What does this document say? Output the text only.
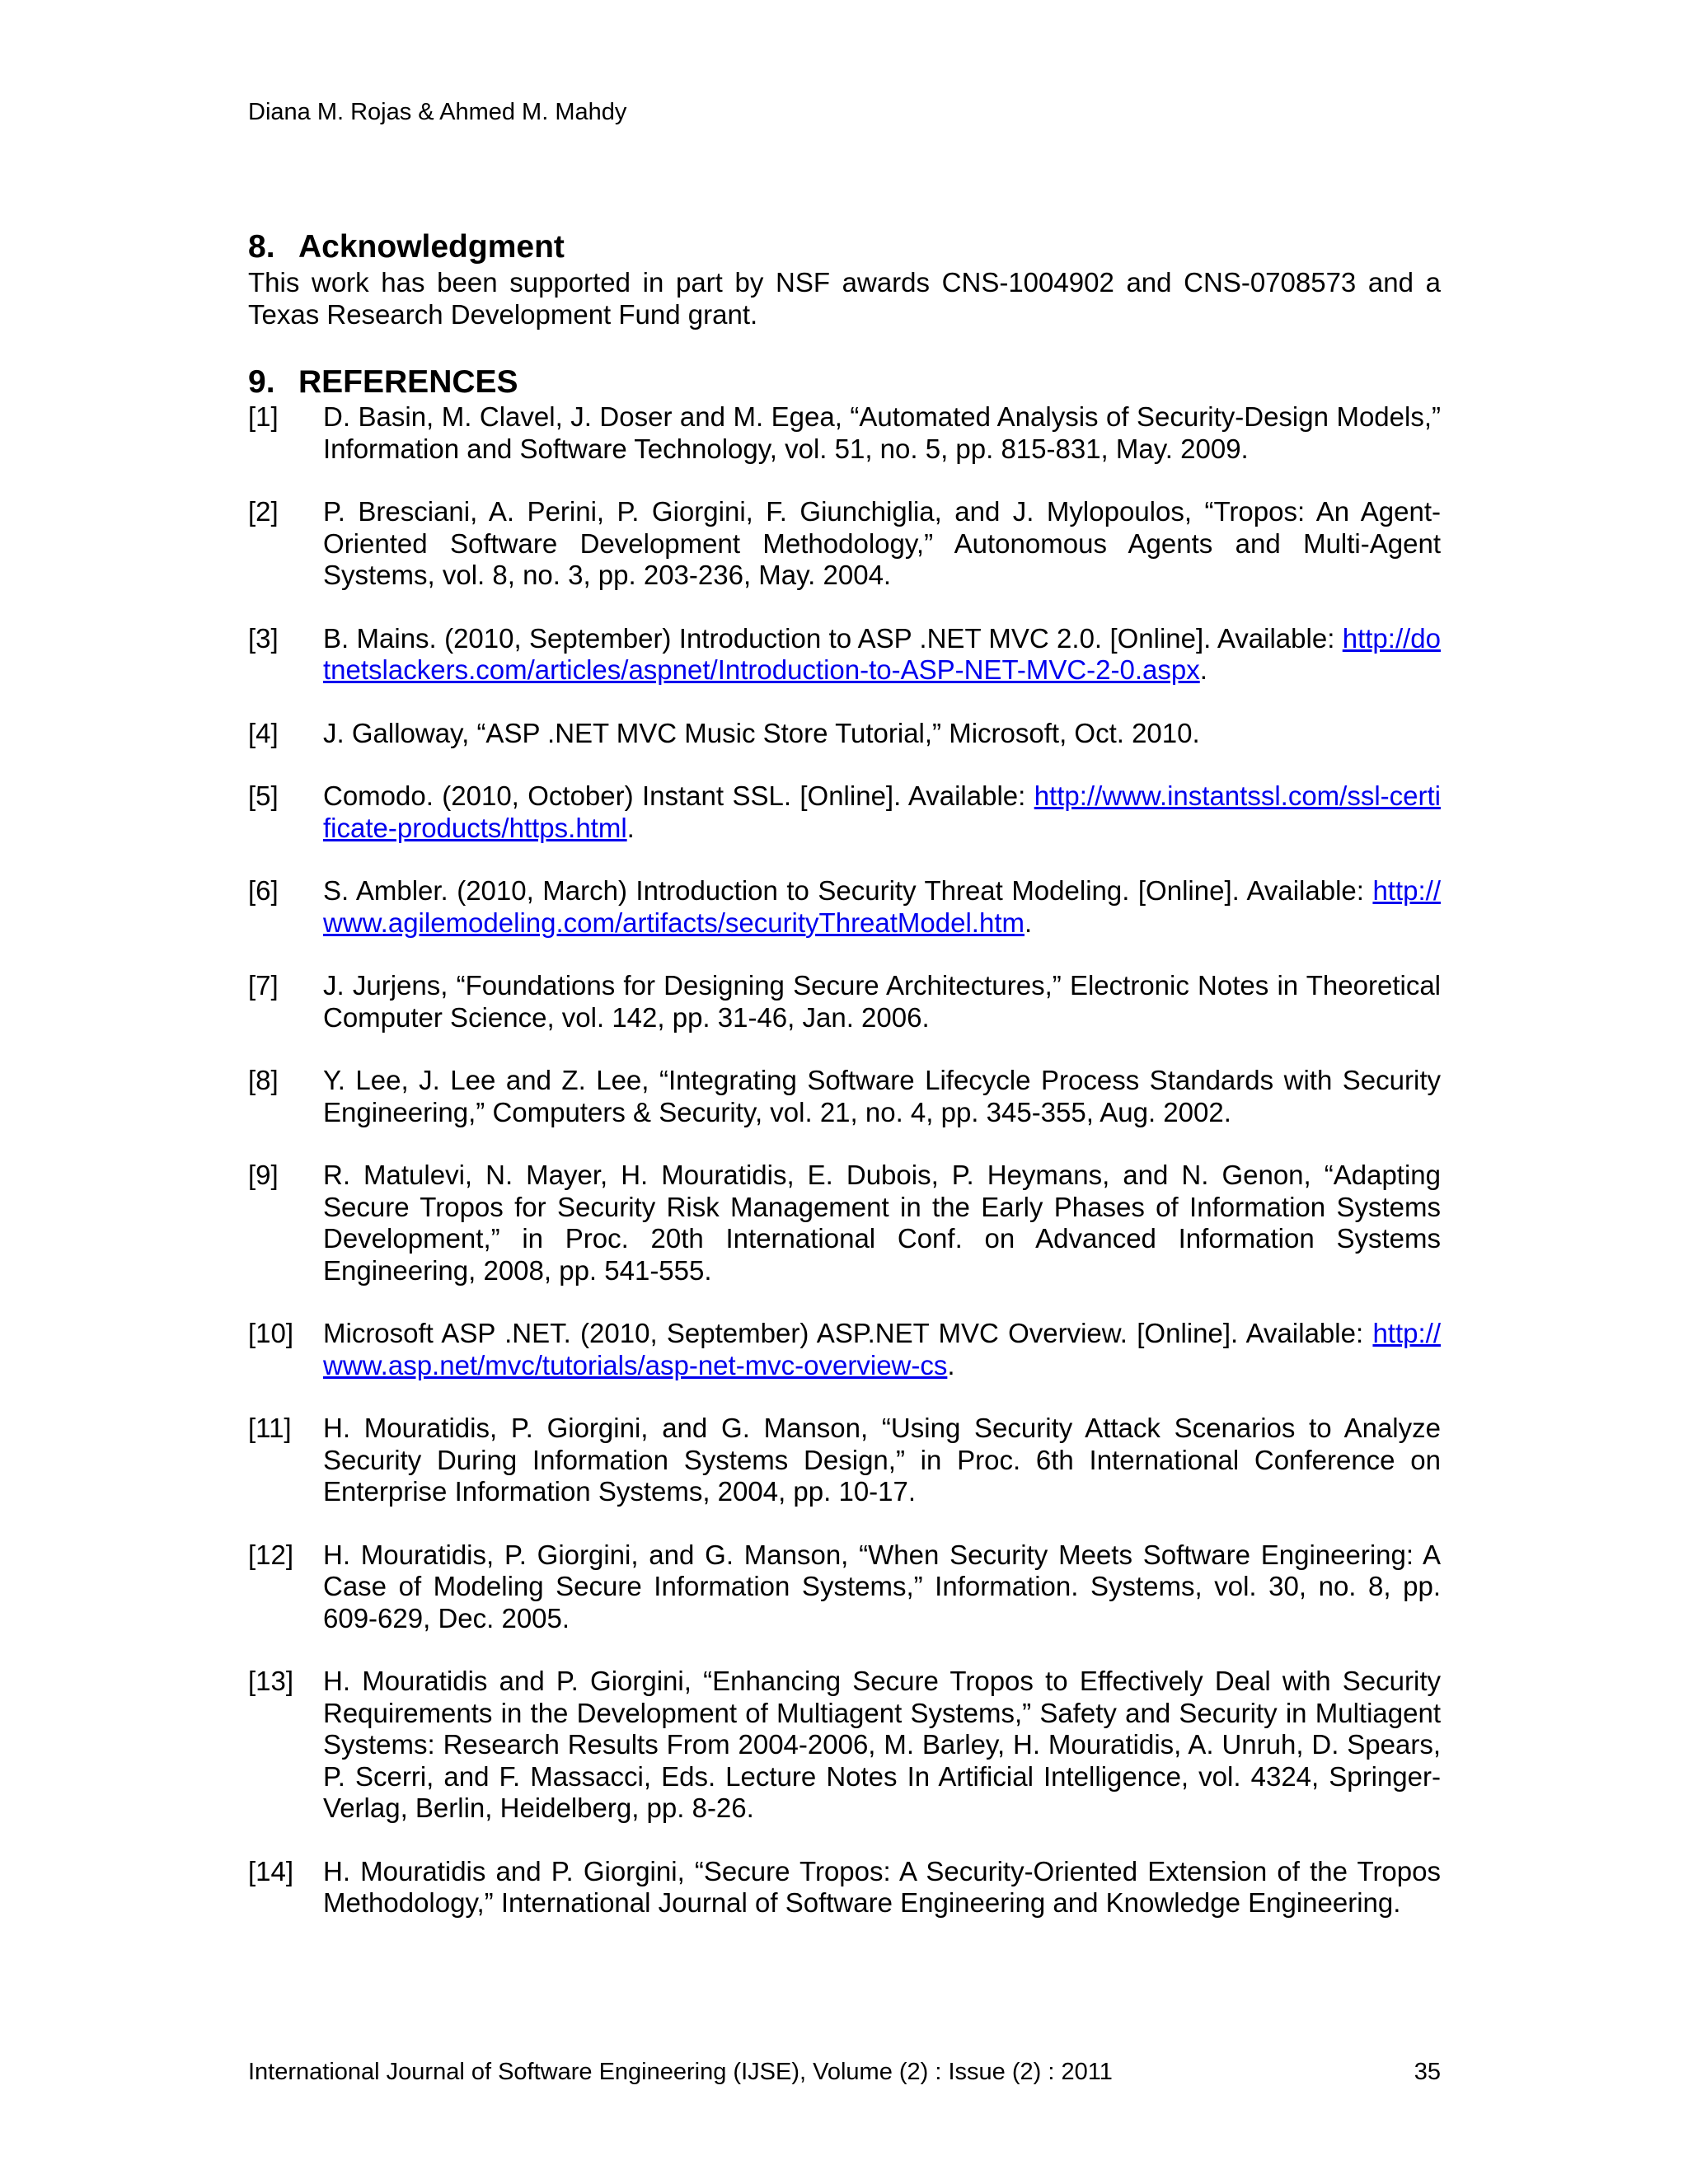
Diana M. Rojas & Ahmed M. Mahdy
8. Acknowledgment

This work has been supported in part by NSF awards CNS-1004902 and CNS-0708573 and a Texas Research Development Fund grant.

9. REFERENCES

[1] D. Basin, M. Clavel, J. Doser and M. Egea, “Automated Analysis of Security-Design Models,” Information and Software Technology, vol. 51, no. 5, pp. 815-831, May. 2009.

[2] P. Bresciani, A. Perini, P. Giorgini, F. Giunchiglia, and J. Mylopoulos, “Tropos: An Agent-Oriented Software Development Methodology,” Autonomous Agents and Multi-Agent Systems, vol. 8, no. 3, pp. 203-236, May. 2004.

[3] B. Mains. (2010, September) Introduction to ASP .NET MVC 2.0. [Online]. Available: http://dotnetslackers.com/articles/aspnet/Introduction-to-ASP-NET-MVC-2-0.aspx.

[4] J. Galloway, “ASP .NET MVC Music Store Tutorial,” Microsoft, Oct. 2010.

[5] Comodo. (2010, October) Instant SSL. [Online]. Available: http://www.instantssl.com/ssl-certificate-products/https.html.

[6] S. Ambler. (2010, March) Introduction to Security Threat Modeling. [Online]. Available: http://www.agilemodeling.com/artifacts/securityThreatModel.htm.

[7] J. Jurjens, “Foundations for Designing Secure Architectures,” Electronic Notes in Theoretical Computer Science, vol. 142, pp. 31-46, Jan. 2006.

[8] Y. Lee, J. Lee and Z. Lee, “Integrating Software Lifecycle Process Standards with Security Engineering,” Computers & Security, vol. 21, no. 4, pp. 345-355, Aug. 2002.

[9] R. Matulevi, N. Mayer, H. Mouratidis, E. Dubois, P. Heymans, and N. Genon, “Adapting Secure Tropos for Security Risk Management in the Early Phases of Information Systems Development,” in Proc. 20th International Conf. on Advanced Information Systems Engineering, 2008, pp. 541-555.

[10] Microsoft ASP .NET. (2010, September) ASP.NET MVC Overview. [Online]. Available: http://www.asp.net/mvc/tutorials/asp-net-mvc-overview-cs.

[11] H. Mouratidis, P. Giorgini, and G. Manson, “Using Security Attack Scenarios to Analyze Security During Information Systems Design,” in Proc. 6th International Conference on Enterprise Information Systems, 2004, pp. 10-17.

[12] H. Mouratidis, P. Giorgini, and G. Manson, “When Security Meets Software Engineering: A Case of Modeling Secure Information Systems,” Information. Systems, vol. 30, no. 8, pp. 609-629, Dec. 2005.

[13] H. Mouratidis and P. Giorgini, “Enhancing Secure Tropos to Effectively Deal with Security Requirements in the Development of Multiagent Systems,” Safety and Security in Multiagent Systems: Research Results From 2004-2006, M. Barley, H. Mouratidis, A. Unruh, D. Spears, P. Scerri, and F. Massacci, Eds. Lecture Notes In Artificial Intelligence, vol. 4324, Springer-Verlag, Berlin, Heidelberg, pp. 8-26.

[14] H. Mouratidis and P. Giorgini, “Secure Tropos: A Security-Oriented Extension of the Tropos Methodology,” International Journal of Software Engineering and Knowledge Engineering.

International Journal of Software Engineering (IJSE), Volume (2) : Issue (2) : 2011	35
